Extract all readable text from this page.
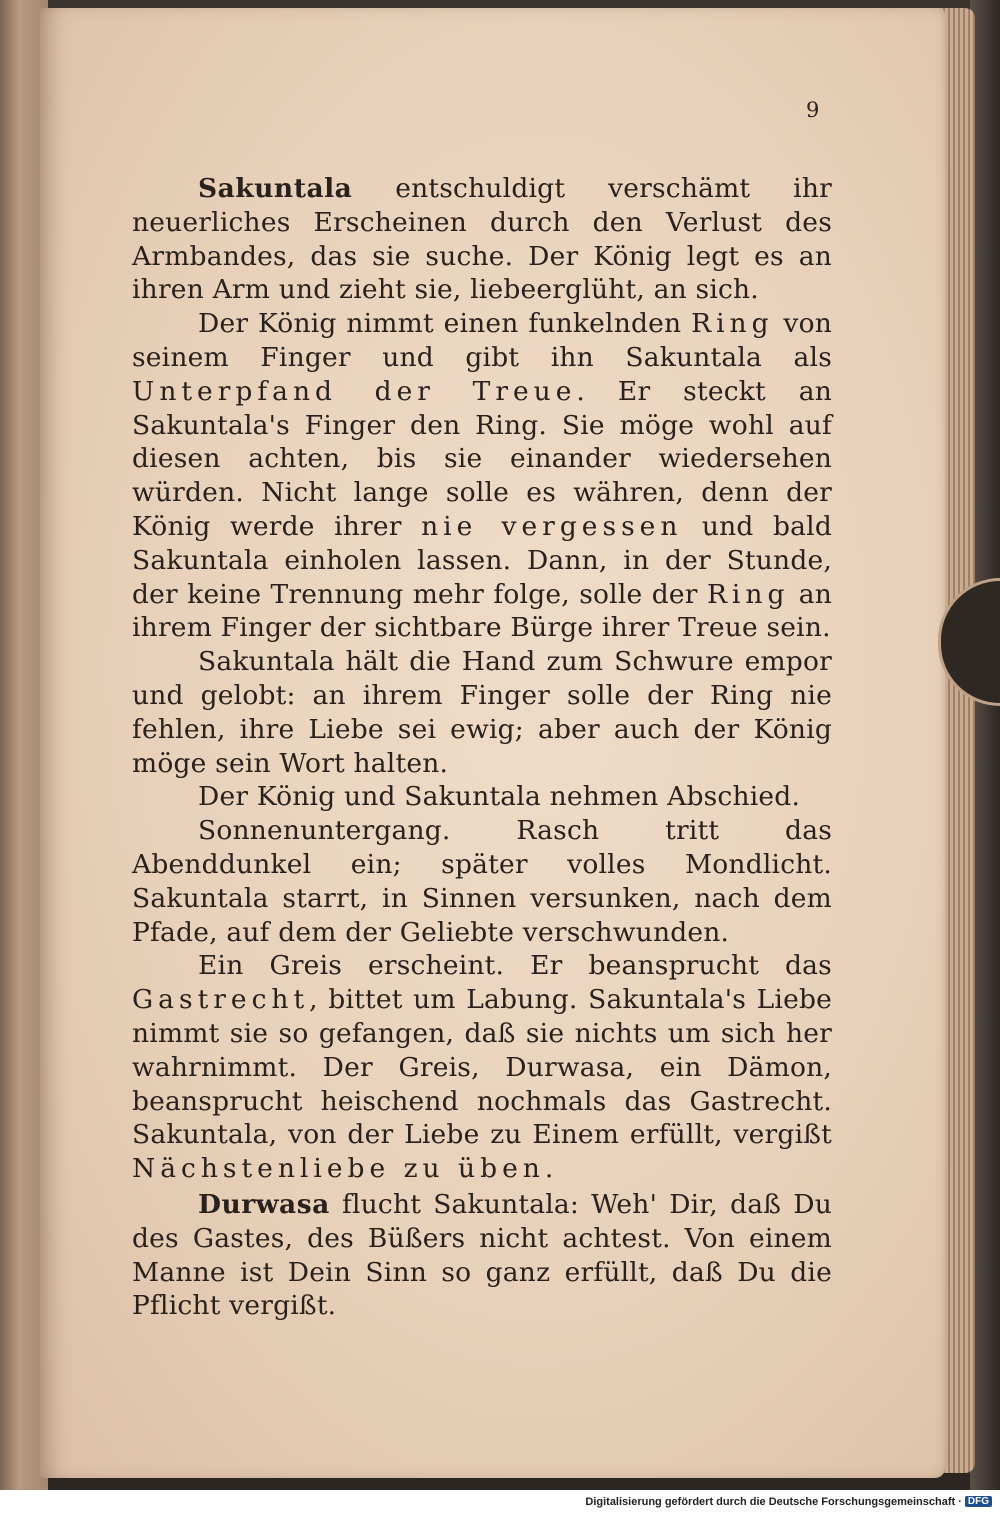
9

Sakuntala entschuldigt verschämt ihr neuerliches Erscheinen durch den Verlust des Armbandes, das sie suche. Der König legt es an ihren Arm und zieht sie, liebeerglüht, an sich.

Der König nimmt einen funkelnden Ring von seinem Finger und gibt ihn Sakuntala als Unterpfand der Treue. Er steckt an Sakuntala's Finger den Ring. Sie möge wohl auf diesen achten, bis sie einander wiedersehen würden. Nicht lange solle es währen, denn der König werde ihrer nie vergessen und bald Sakuntala einholen lassen. Dann, in der Stunde, der keine Trennung mehr folge, solle der Ring an ihrem Finger der sichtbare Bürge ihrer Treue sein.

Sakuntala hält die Hand zum Schwure empor und gelobt: an ihrem Finger solle der Ring nie fehlen, ihre Liebe sei ewig; aber auch der König möge sein Wort halten.

Der König und Sakuntala nehmen Abschied.

Sonnenuntergang. Rasch tritt das Abenddunkel ein; später volles Mondlicht. Sakuntala starrt, in Sinnen versunken, nach dem Pfade, auf dem der Geliebte verschwunden.

Ein Greis erscheint. Er beansprucht das Gastrecht, bittet um Labung. Sakuntala's Liebe nimmt sie so gefangen, daß sie nichts um sich her wahrnimmt. Der Greis, Durwasa, ein Dämon, beansprucht heischend nochmals das Gastrecht. Sakuntala, von der Liebe zu Einem erfüllt, vergißt Nächstenliebe zu üben.

Durwasa flucht Sakuntala: Weh' Dir, daß Du des Gastes, des Büßers nicht achtest. Von einem Manne ist Dein Sinn so ganz erfüllt, daß Du die Pflicht vergißt.

Digitalisierung gefördert durch die Deutsche Forschungsgemeinschaft · DFG
